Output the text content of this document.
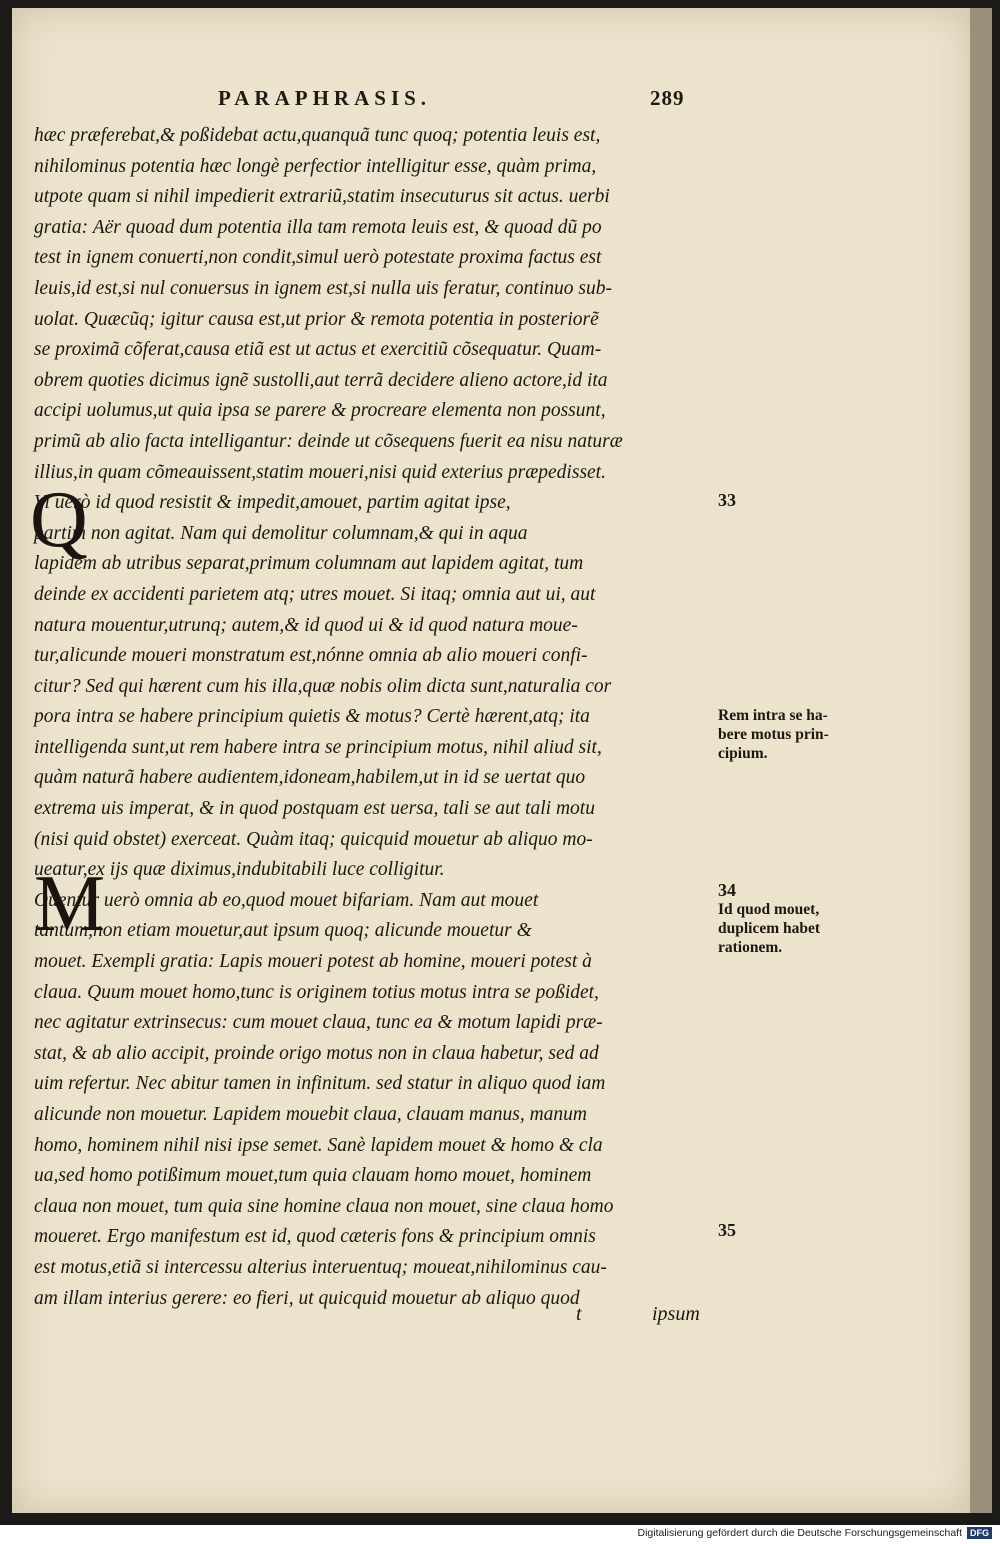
PARAPHRASIS.	289
hæc præferebat,& poßidebat actu,quanquã tunc quoq; potentia leuis est,
nihilominus potentia hæc longè perfectior intelligitur esse, quàm prima,
utpote quam si nihil impedierit extrariũ,statim insecuturus sit actus. uerbi
gratia: Aër quoad dum potentia illa tam remota leuis est, & quoad dũ po
test in ignem conuerti,non condit,simul uerò potestate proxima factus est
leuis,id est,si nul conuersus in ignem est,si nulla uis feratur, continuo sub-
uolat. Quæcũq; igitur causa est,ut prior & remota potentia in posteriorẽ
se proximã cõferat,causa etiã est ut actus et exercitiũ cõsequatur. Quam-
obrem quoties dicimus ignẽ sustolli,aut terrã decidere alieno actore,id ita
accipi uolumus,ut quia ipsa se parere & procreare elementa non possunt,
primũ ab alio facta intelligantur: deinde ut cõsequens fuerit ea nisu naturæ
illius,in quam cõmeauissent,statim moueri,nisi quid exterius præpedisset.
Vi uerò id quod resistit & impedit,amouet, partim agitat ipse,
partim non agitat. Nam qui demolitur columnam,& qui in aqua
lapidem ab utribus separat,primum columnam aut lapidem agitat, tum
deinde ex accidenti parietem atq; utres mouet. Si itaq; omnia aut ui, aut
natura mouentur,utrunq; autem,& id quod ui & id quod natura moue-
tur,alicunde moueri monstratum est,nónne omnia ab alio moueri confi-
citur? Sed qui hærent cum his illa,quæ nobis olim dicta sunt,naturalia cor
pora intra se habere principium quietis & motus? Certè hærent,atq; ita
intelligenda sunt,ut rem habere intra se principium motus, nihil aliud sit,
quàm naturã habere audientem,idoneam,habilem,ut in id se uertat quo
extrema uis imperat, & in quod postquam est uersa, tali se aut tali motu
(nisi quid obstet) exerceat. Quàm itaq; quicquid mouetur ab aliquo mo-
ueatur,ex ijs quæ diximus,indubitabili luce colligitur.
Ouentur uerò omnia ab eo,quod mouet bifariam. Nam aut mouet
tantum,non etiam mouetur,aut ipsum quoq; alicunde mouetur &
mouet. Exempli gratia: Lapis moueri potest ab homine, moueri potest à
claua. Quum mouet homo,tunc is originem totius motus intra se poßidet,
nec agitatur extrinsecus: cum mouet claua, tunc ea & motum lapidi præ-
stat, & ab alio accipit, proinde origo motus non in claua habetur, sed ad
uim refertur. Nec abitur tamen in infinitum. sed statur in aliquo quod iam
alicunde non mouetur. Lapidem mouebit claua, clauam manus, manum
homo, hominem nihil nisi ipse semet. Sanè lapidem mouet & homo & cla
ua,sed homo potißimum mouet,tum quia clauam homo mouet, hominem
claua non mouet, tum quia sine homine claua non mouet, sine claua homo
moueret. Ergo manifestum est id, quod cæteris fons & principium omnis
est motus,etiã si intercessu alterius interuentuq; moueat,nihilominus cau-
am illam interius gerere: eo fieri, ut quicquid mouetur ab aliquo quod
Q
M
33
Rem intra se ha-
bere motus prin-
cipium.
34
Id quod mouet,
duplicem habet
rationem.
35
t	ipsum
Digitalisierung gefördert durch die Deutsche Forschungsgemeinschaft DFG
